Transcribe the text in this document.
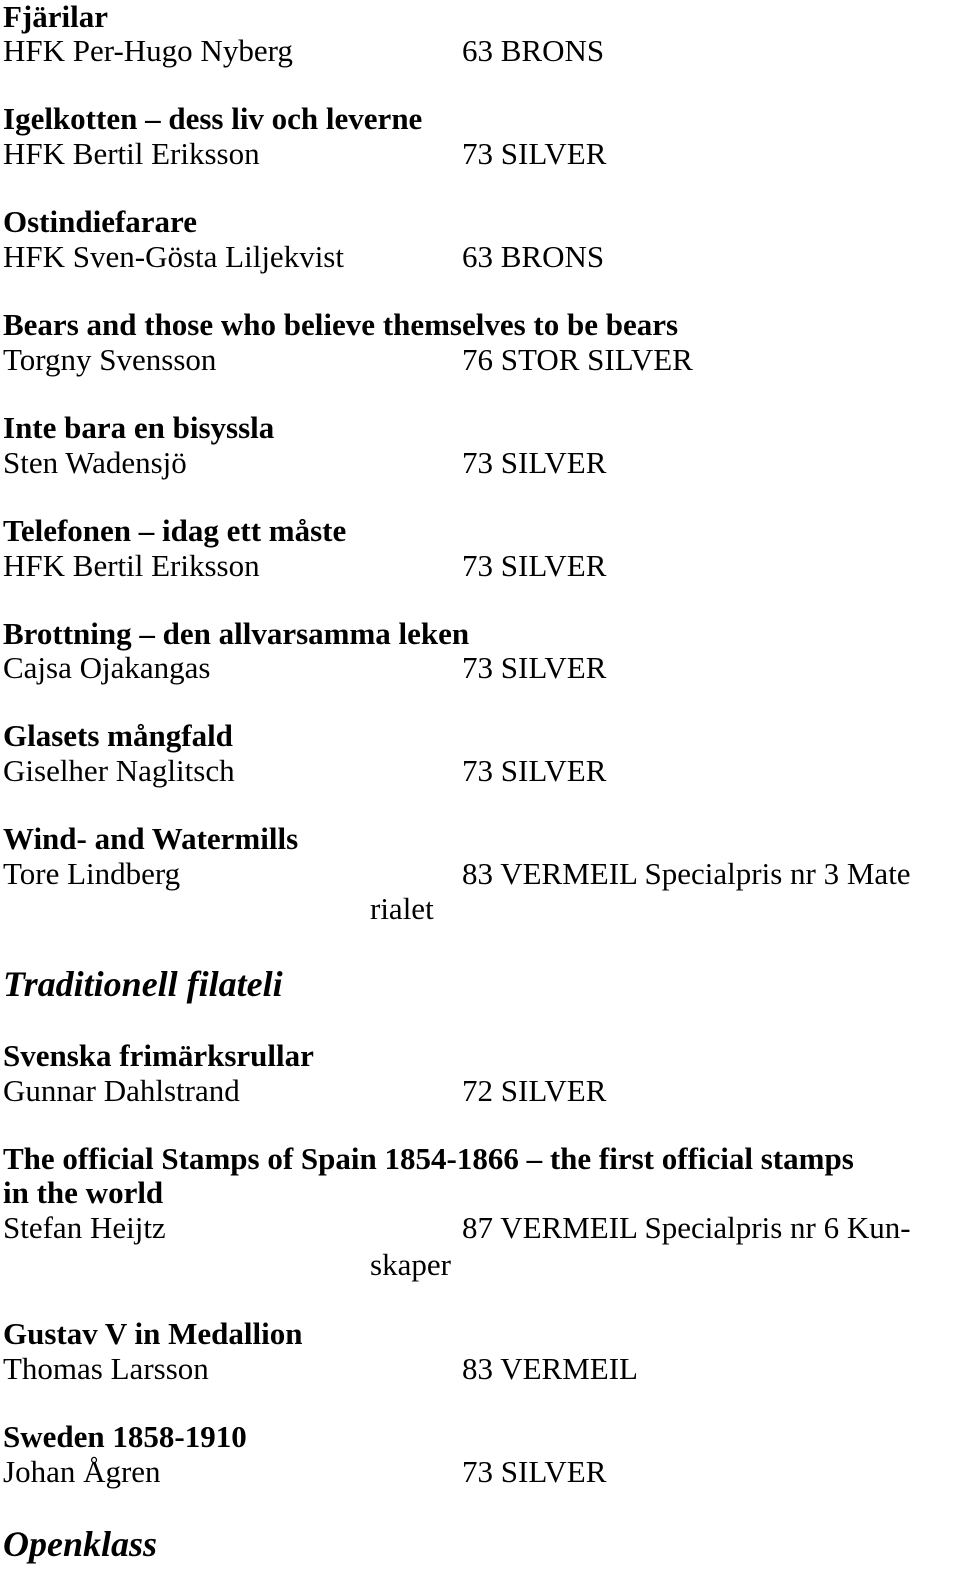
Fjärilar
HFK Per-Hugo Nyberg	63 BRONS
Igelkotten – dess liv och leverne
HFK Bertil Eriksson	73 SILVER
Ostindiefarare
HFK Sven-Gösta Liljekvist	63 BRONS
Bears and those who believe themselves to be bears
Torgny Svensson	76 STOR SILVER
Inte bara en bisyssla
Sten Wadensjö	73 SILVER
Telefonen – idag ett måste
HFK Bertil Eriksson	73 SILVER
Brottning – den allvarsamma leken
Cajsa Ojakangas	73 SILVER
Glasets mångfald
Giselher Naglitsch	73 SILVER
Wind- and Watermills
Tore Lindberg	83 VERMEIL Specialpris nr 3 Mate
rialet
Traditionell filateli
Svenska frimärksrullar
Gunnar Dahlstrand	72 SILVER
The official Stamps of Spain 1854-1866 – the first official stamps
in the world
Stefan Heijtz	87 VERMEIL Specialpris nr 6 Kun-
skaper
Gustav V in Medallion
Thomas Larsson	83 VERMEIL
Sweden 1858-1910
Johan Ågren	73 SILVER
Openklass
